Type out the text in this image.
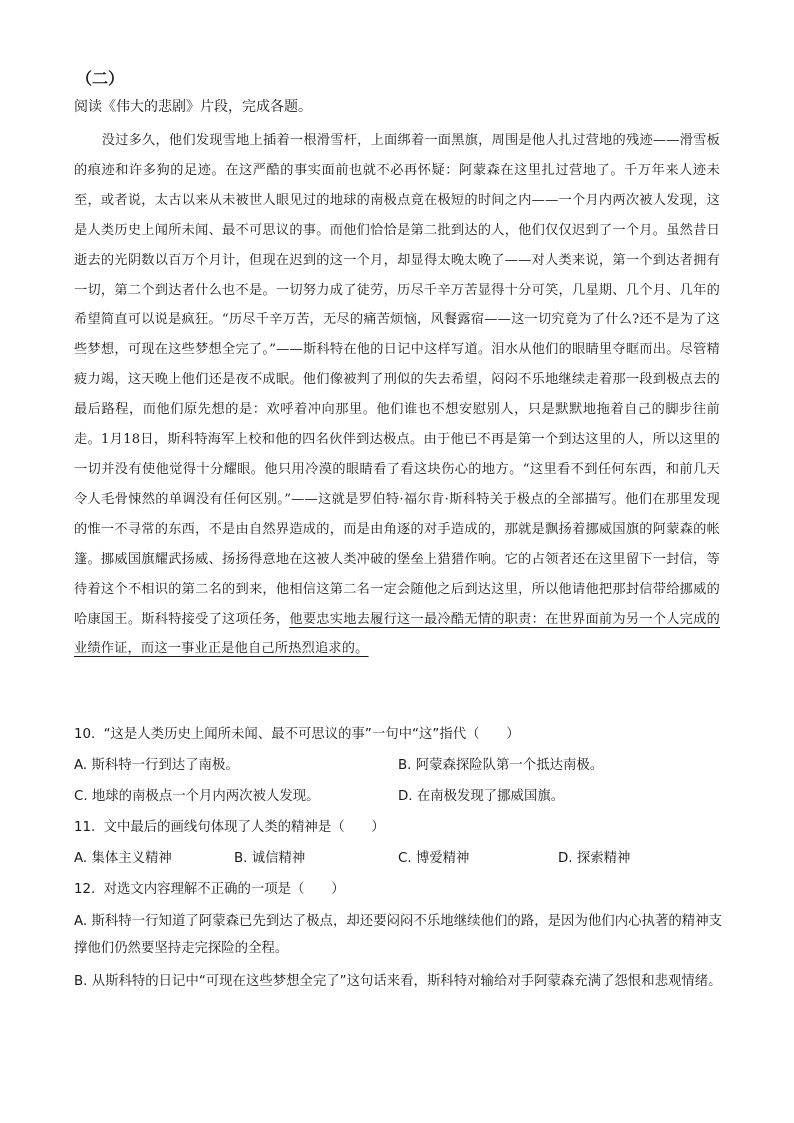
（二）
阅读《伟大的悲剧》片段，完成各题。
没过多久，他们发现雪地上插着一根滑雪杆，上面绑着一面黑旗，周围是他人扎过营地的残迹——滑雪板的痕迹和许多狗的足迹。在这严酷的事实面前也就不必再怀疑：阿蒙森在这里扎过营地了。千万年来人迹未至，或者说，太古以来从未被世人眼见过的地球的南极点竟在极短的时间之内——一个月内两次被人发现，这是人类历史上闻所未闻、最不可思议的事。而他们恰恰是第二批到达的人，他们仅仅迟到了一个月。虽然昔日逝去的光阴数以百万个月计，但现在迟到的这一个月，却显得太晚太晚了——对人类来说，第一个到达者拥有一切，第二个到达者什么也不是。一切努力成了徒劳，历尽千辛万苦显得十分可笑，几星期、几个月、几年的希望简直可以说是疯狂。“历尽千辛万苦，无尽的痛苦烦恼，风餐露宿——这一切究竟为了什么?还不是为了这些梦想，可现在这些梦想全完了。”——斯科特在他的日记中这样写道。泪水从他们的眼睛里夺眶而出。尽管精疲力竭，这天晚上他们还是夜不成眠。他们像被判了刑似的失去希望，闷闷不乐地继续走着那一段到极点去的最后路程，而他们原先想的是：欢呼着冲向那里。他们谁也不想安慰别人，只是默默地拖着自己的脚步往前走。1月18日，斯科特海军上校和他的四名伙伴到达极点。由于他已不再是第一个到达这里的人，所以这里的一切并没有使他觉得十分耀眼。他只用冷漠的眼睛看了看这块伤心的地方。“这里看不到任何东西，和前几天令人毛骨悚然的单调没有任何区别。”——这就是罗伯特·福尔肯·斯科特关于极点的全部描写。他们在那里发现的惟一不寻常的东西，不是由自然界造成的，而是由角逐的对手造成的，那就是飘扬着挪威国旗的阿蒙森的帐篷。挪威国旗耀武扬威、扬扬得意地在这被人类冲破的堡垒上猎猎作响。它的占领者还在这里留下一封信，等待着这个不相识的第二名的到来，他相信这第二名一定会随他之后到达这里，所以他请他把那封信带给挪威的哈康国王。斯科特接受了这项任务，他要忠实地去履行这一最冷酷无情的职责：在世界面前为另一个人完成的业绩作证，而这一事业正是他自己所热烈追求的。
10. “这是人类历史上闻所未闻、最不可思议的事”一句中“这”指代（　　）
A. 斯科特一行到达了南极。	B. 阿蒙森探险队第一个抵达南极。
C. 地球的南极点一个月内两次被人发现。	D. 在南极发现了挪威国旗。
11. 文中最后的画线句体现了人类的精神是（　　）
A. 集体主义精神	B. 诚信精神	C. 博爱精神	D. 探索精神
12. 对选文内容理解不正确的一项是（　　）
A. 斯科特一行知道了阿蒙森已先到达了极点，却还要闷闷不乐地继续他们的路，是因为他们内心执著的精神支撑他们仍然要坚持走完探险的全程。
B. 从斯科特的日记中“可现在这些梦想全完了”这句话来看，斯科特对输给对手阿蒙森充满了怨恨和悲观情绪。
